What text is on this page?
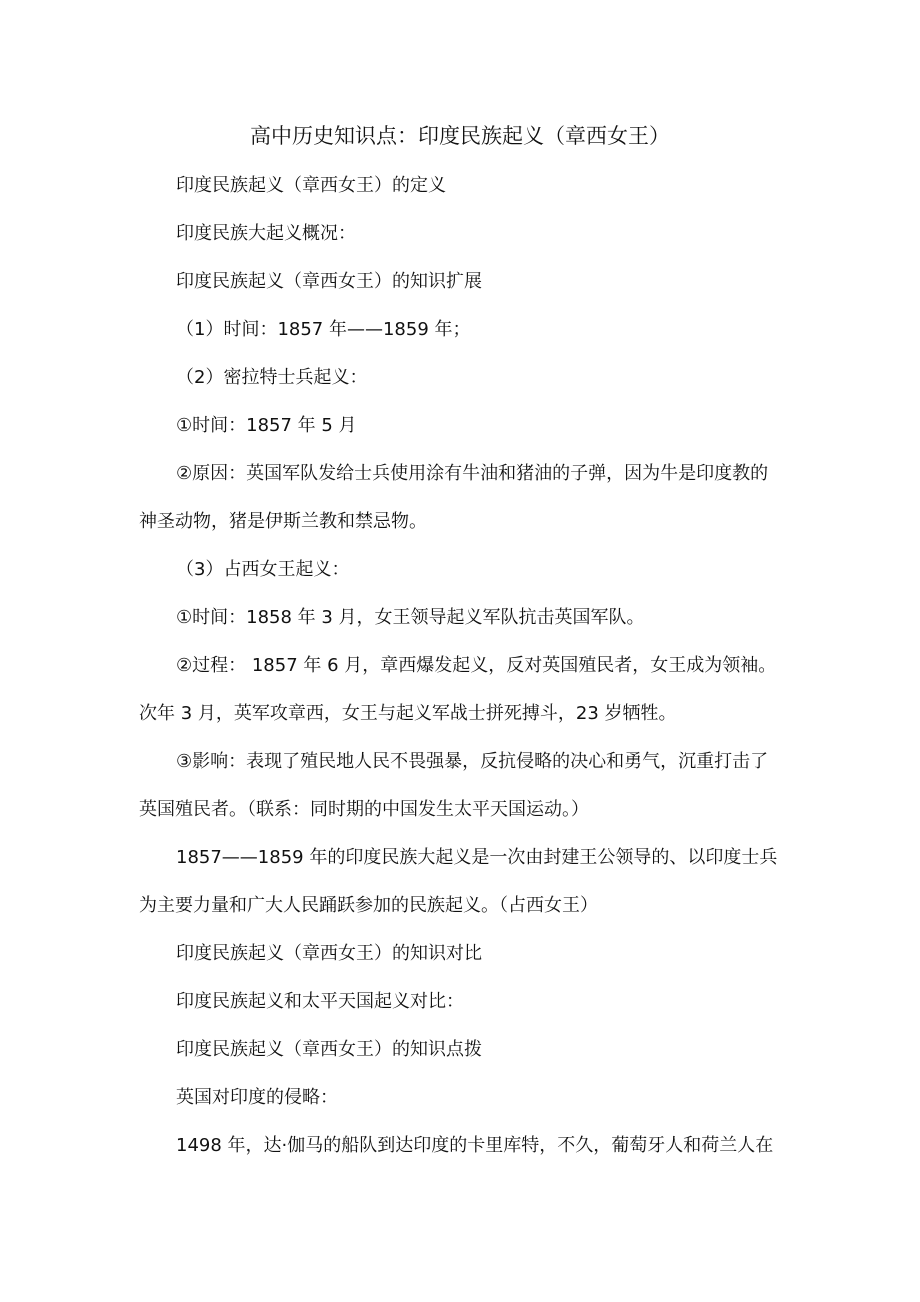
高中历史知识点：印度民族起义（章西女王）
印度民族起义（章西女王）的定义
印度民族大起义概况：
印度民族起义（章西女王）的知识扩展
（1）时间：1857 年——1859 年；
（2）密拉特士兵起义：
①时间：1857 年 5 月
②原因：英国军队发给士兵使用涂有牛油和猪油的子弹，因为牛是印度教的
神圣动物，猪是伊斯兰教和禁忌物。
（3）占西女王起义：
①时间：1858 年 3 月，女王领导起义军队抗击英国军队。
②过程： 1857 年 6 月，章西爆发起义，反对英国殖民者，女王成为领袖。
次年 3 月，英军攻章西，女王与起义军战士拼死搏斗，23 岁牺牲。
③影响：表现了殖民地人民不畏强暴，反抗侵略的决心和勇气，沉重打击了
英国殖民者。（联系：同时期的中国发生太平天国运动。）
1857——1859 年的印度民族大起义是一次由封建王公领导的、以印度士兵
为主要力量和广大人民踊跃参加的民族起义。（占西女王）
印度民族起义（章西女王）的知识对比
印度民族起义和太平天国起义对比：
印度民族起义（章西女王）的知识点拨
英国对印度的侵略：
1498 年，达·伽马的船队到达印度的卡里库特，不久，葡萄牙人和荷兰人在
